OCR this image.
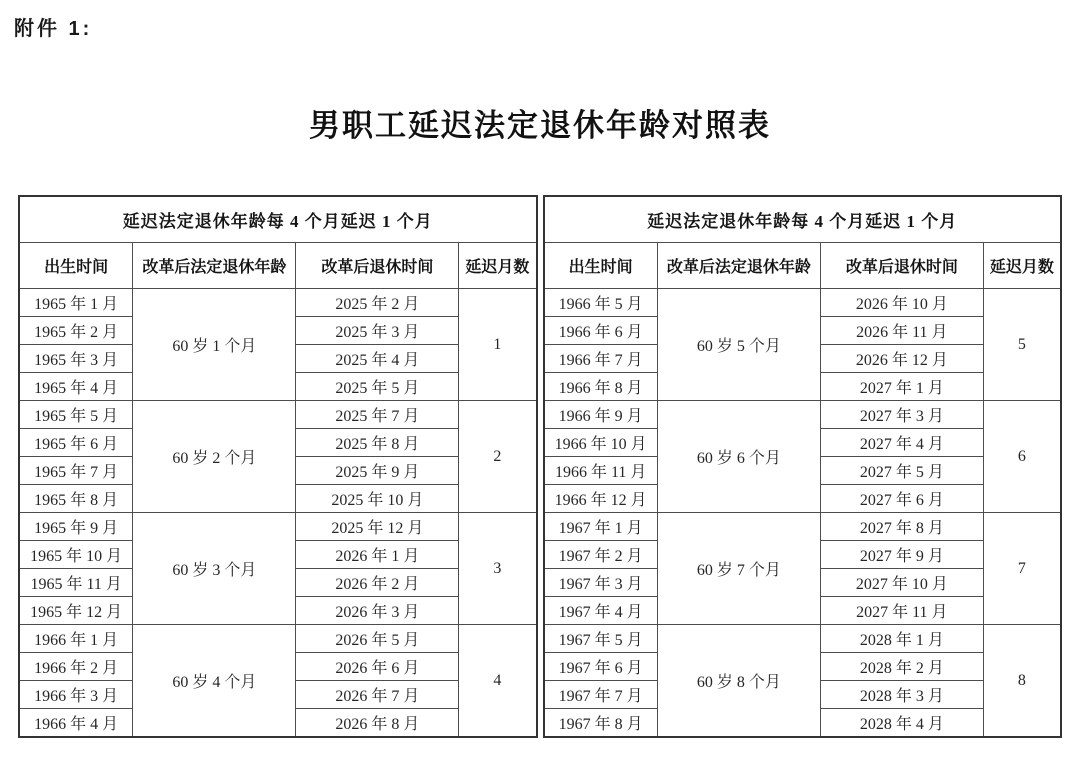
附件 1:
男职工延迟法定退休年龄对照表
延迟法定退休年龄每 4 个月延迟 1 个月			
出生时间	改革后法定退休年龄	改革后退休时间	延迟月数
1965 年 1 月	60 岁 1 个月	2025 年 2 月	1
1965 年 2 月		2025 年 3 月	
1965 年 3 月		2025 年 4 月	
1965 年 4 月		2025 年 5 月	
1965 年 5 月	60 岁 2 个月	2025 年 7 月	2
1965 年 6 月		2025 年 8 月	
1965 年 7 月		2025 年 9 月	
1965 年 8 月		2025 年 10 月	
1965 年 9 月	60 岁 3 个月	2025 年 12 月	3
1965 年 10 月		2026 年 1 月	
1965 年 11 月		2026 年 2 月	
1965 年 12 月		2026 年 3 月	
1966 年 1 月	60 岁 4 个月	2026 年 5 月	4
1966 年 2 月		2026 年 6 月	
1966 年 3 月		2026 年 7 月	
1966 年 4 月		2026 年 8 月	
延迟法定退休年龄每 4 个月延迟 1 个月			
出生时间	改革后法定退休年龄	改革后退休时间	延迟月数
1966 年 5 月	60 岁 5 个月	2026 年 10 月	5
1966 年 6 月		2026 年 11 月	
1966 年 7 月		2026 年 12 月	
1966 年 8 月		2027 年 1 月	
1966 年 9 月	60 岁 6 个月	2027 年 3 月	6
1966 年 10 月		2027 年 4 月	
1966 年 11 月		2027 年 5 月	
1966 年 12 月		2027 年 6 月	
1967 年 1 月	60 岁 7 个月	2027 年 8 月	7
1967 年 2 月		2027 年 9 月	
1967 年 3 月		2027 年 10 月	
1967 年 4 月		2027 年 11 月	
1967 年 5 月	60 岁 8 个月	2028 年 1 月	8
1967 年 6 月		2028 年 2 月	
1967 年 7 月		2028 年 3 月	
1967 年 8 月		2028 年 4 月	
